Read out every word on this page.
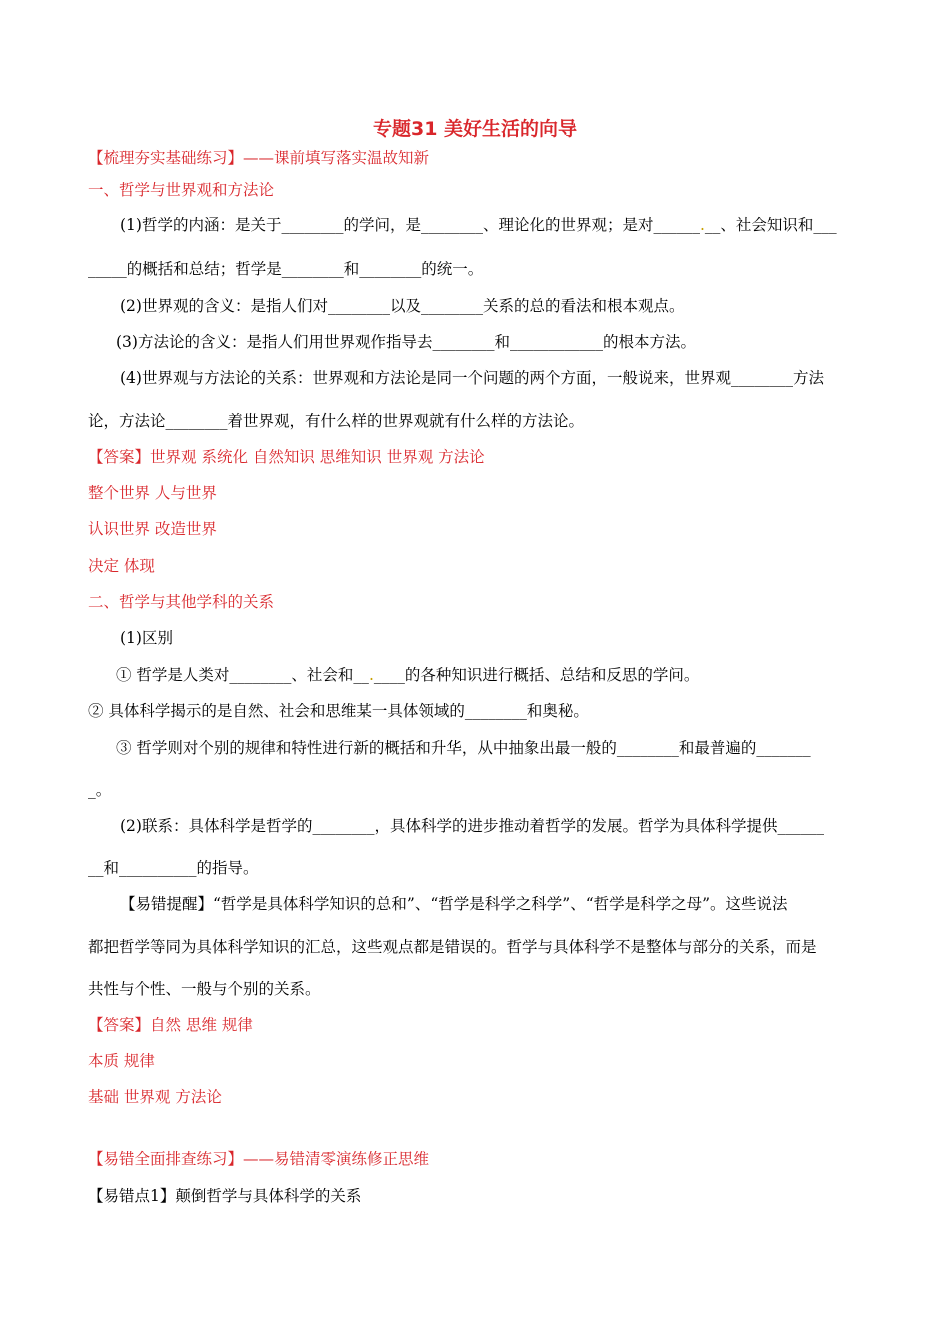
专题31 美好生活的向导
【梳理夯实基础练习】——课前填写落实温故知新
一、哲学与世界观和方法论
(1)哲学的内涵：是关于________的学问，是________、理论化的世界观；是对______.__、社会知识和___
_____的概括和总结；哲学是________和________的统一。
(2)世界观的含义：是指人们对________以及________关系的总的看法和根本观点。
(3)方法论的含义：是指人们用世界观作指导去________和____________的根本方法。
(4)世界观与方法论的关系：世界观和方法论是同一个问题的两个方面，一般说来，世界观________方法
论，方法论________着世界观，有什么样的世界观就有什么样的方法论。
【答案】世界观 系统化 自然知识 思维知识 世界观 方法论
整个世界 人与世界
认识世界 改造世界
决定 体现
二、哲学与其他学科的关系
(1)区别
① 哲学是人类对________、社会和__.____的各种知识进行概括、总结和反思的学问。
② 具体科学揭示的是自然、社会和思维某一具体领域的________和奥秘。
③ 哲学则对个别的规律和特性进行新的概括和升华，从中抽象出最一般的________和最普遍的_______
_。
(2)联系：具体科学是哲学的________，具体科学的进步推动着哲学的发展。哲学为具体科学提供______
__和__________的指导。
【易错提醒】“哲学是具体科学知识的总和”、“哲学是科学之科学”、“哲学是科学之母”。这些说法
都把哲学等同为具体科学知识的汇总，这些观点都是错误的。哲学与具体科学不是整体与部分的关系，而是
共性与个性、一般与个别的关系。
【答案】自然 思维 规律
本质 规律
基础 世界观 方法论
【易错全面排查练习】——易错清零演练修正思维
【易错点1】颠倒哲学与具体科学的关系
